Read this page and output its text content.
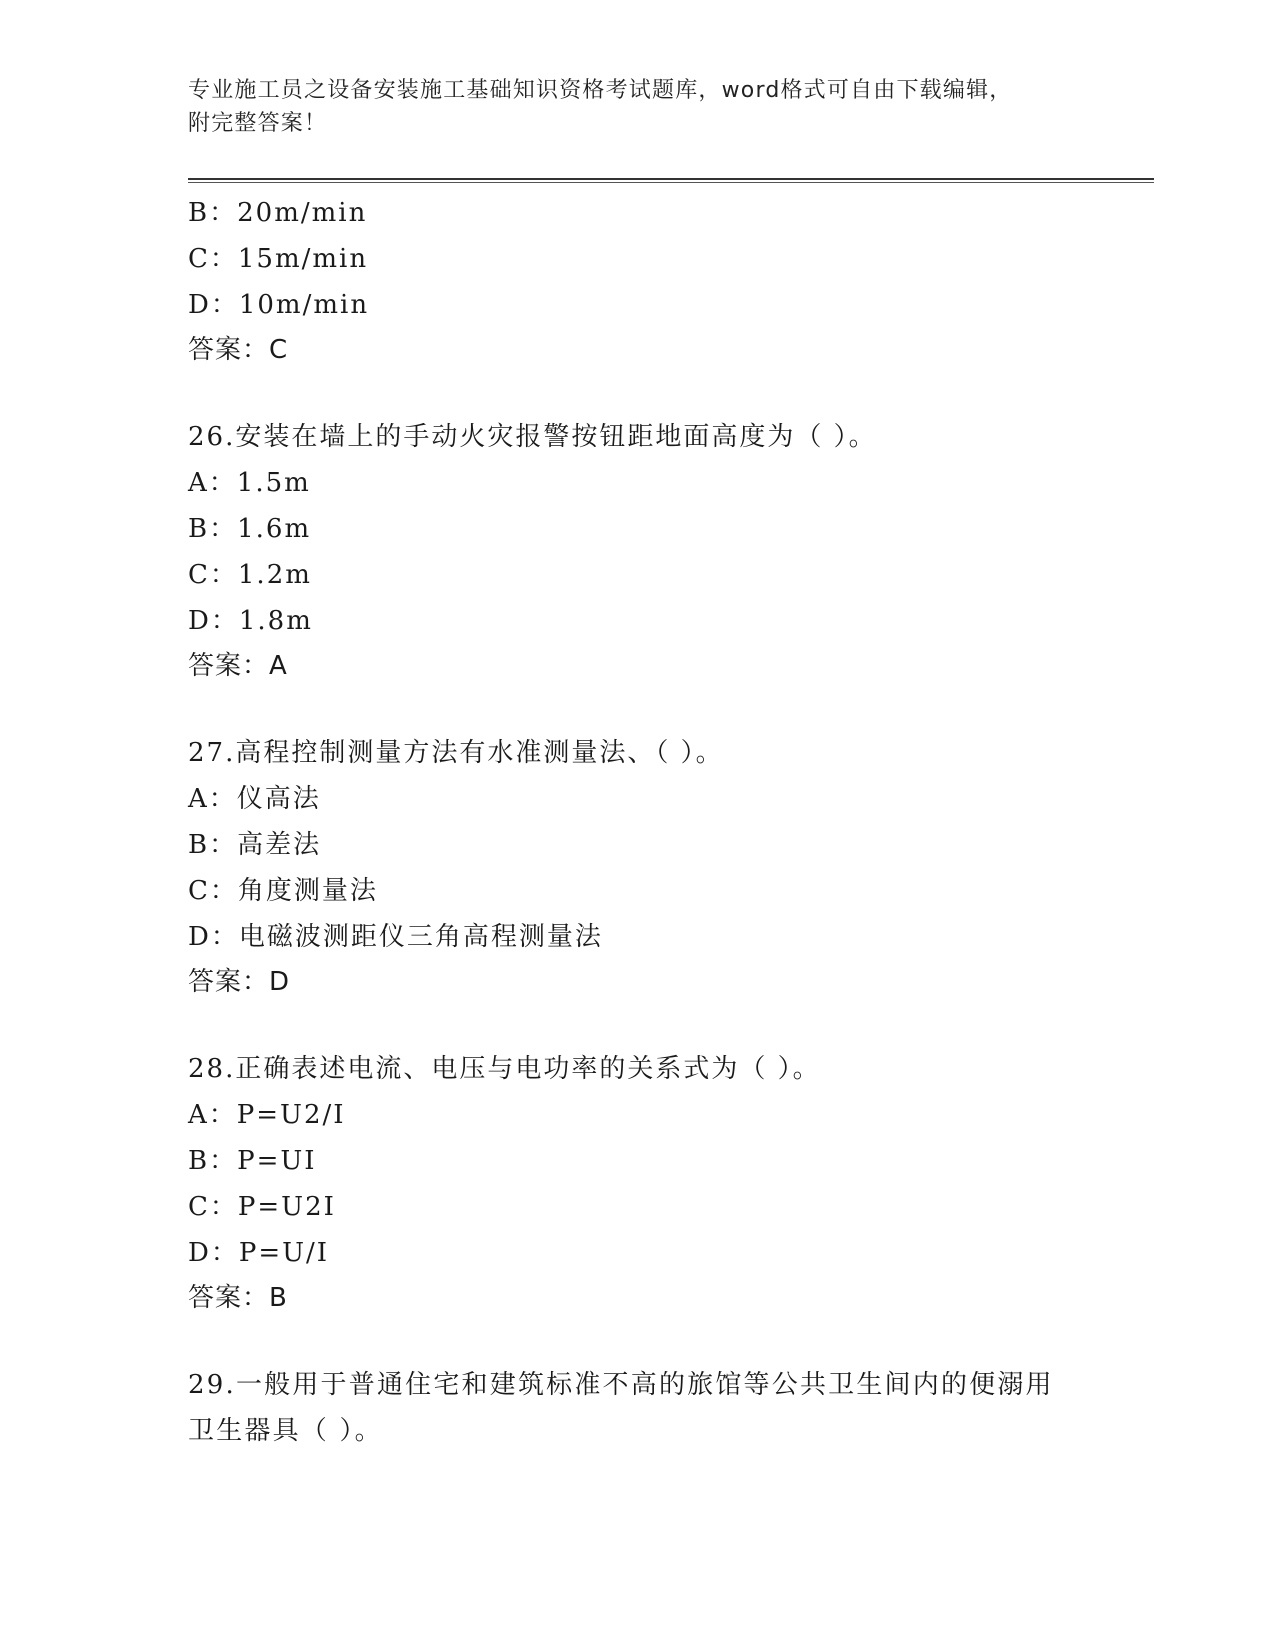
专业施工员之设备安装施工基础知识资格考试题库，word格式可自由下载编辑，
附完整答案！
B：20m/min
C：15m/min
D：10m/min
答案：C
26.安装在墙上的手动火灾报警按钮距地面高度为（ ）。
A：1.5m
B：1.6m
C：1.2m
D：1.8m
答案：A
27.高程控制测量方法有水准测量法、（ ）。
A：仪高法
B：高差法
C：角度测量法
D：电磁波测距仪三角高程测量法
答案：D
28.正确表述电流、电压与电功率的关系式为（ ）。
A：P=U2/I
B：P=UI
C：P=U2I
D：P=U/I
答案：B
29.一般用于普通住宅和建筑标准不高的旅馆等公共卫生间内的便溺用卫生器具（ ）。
